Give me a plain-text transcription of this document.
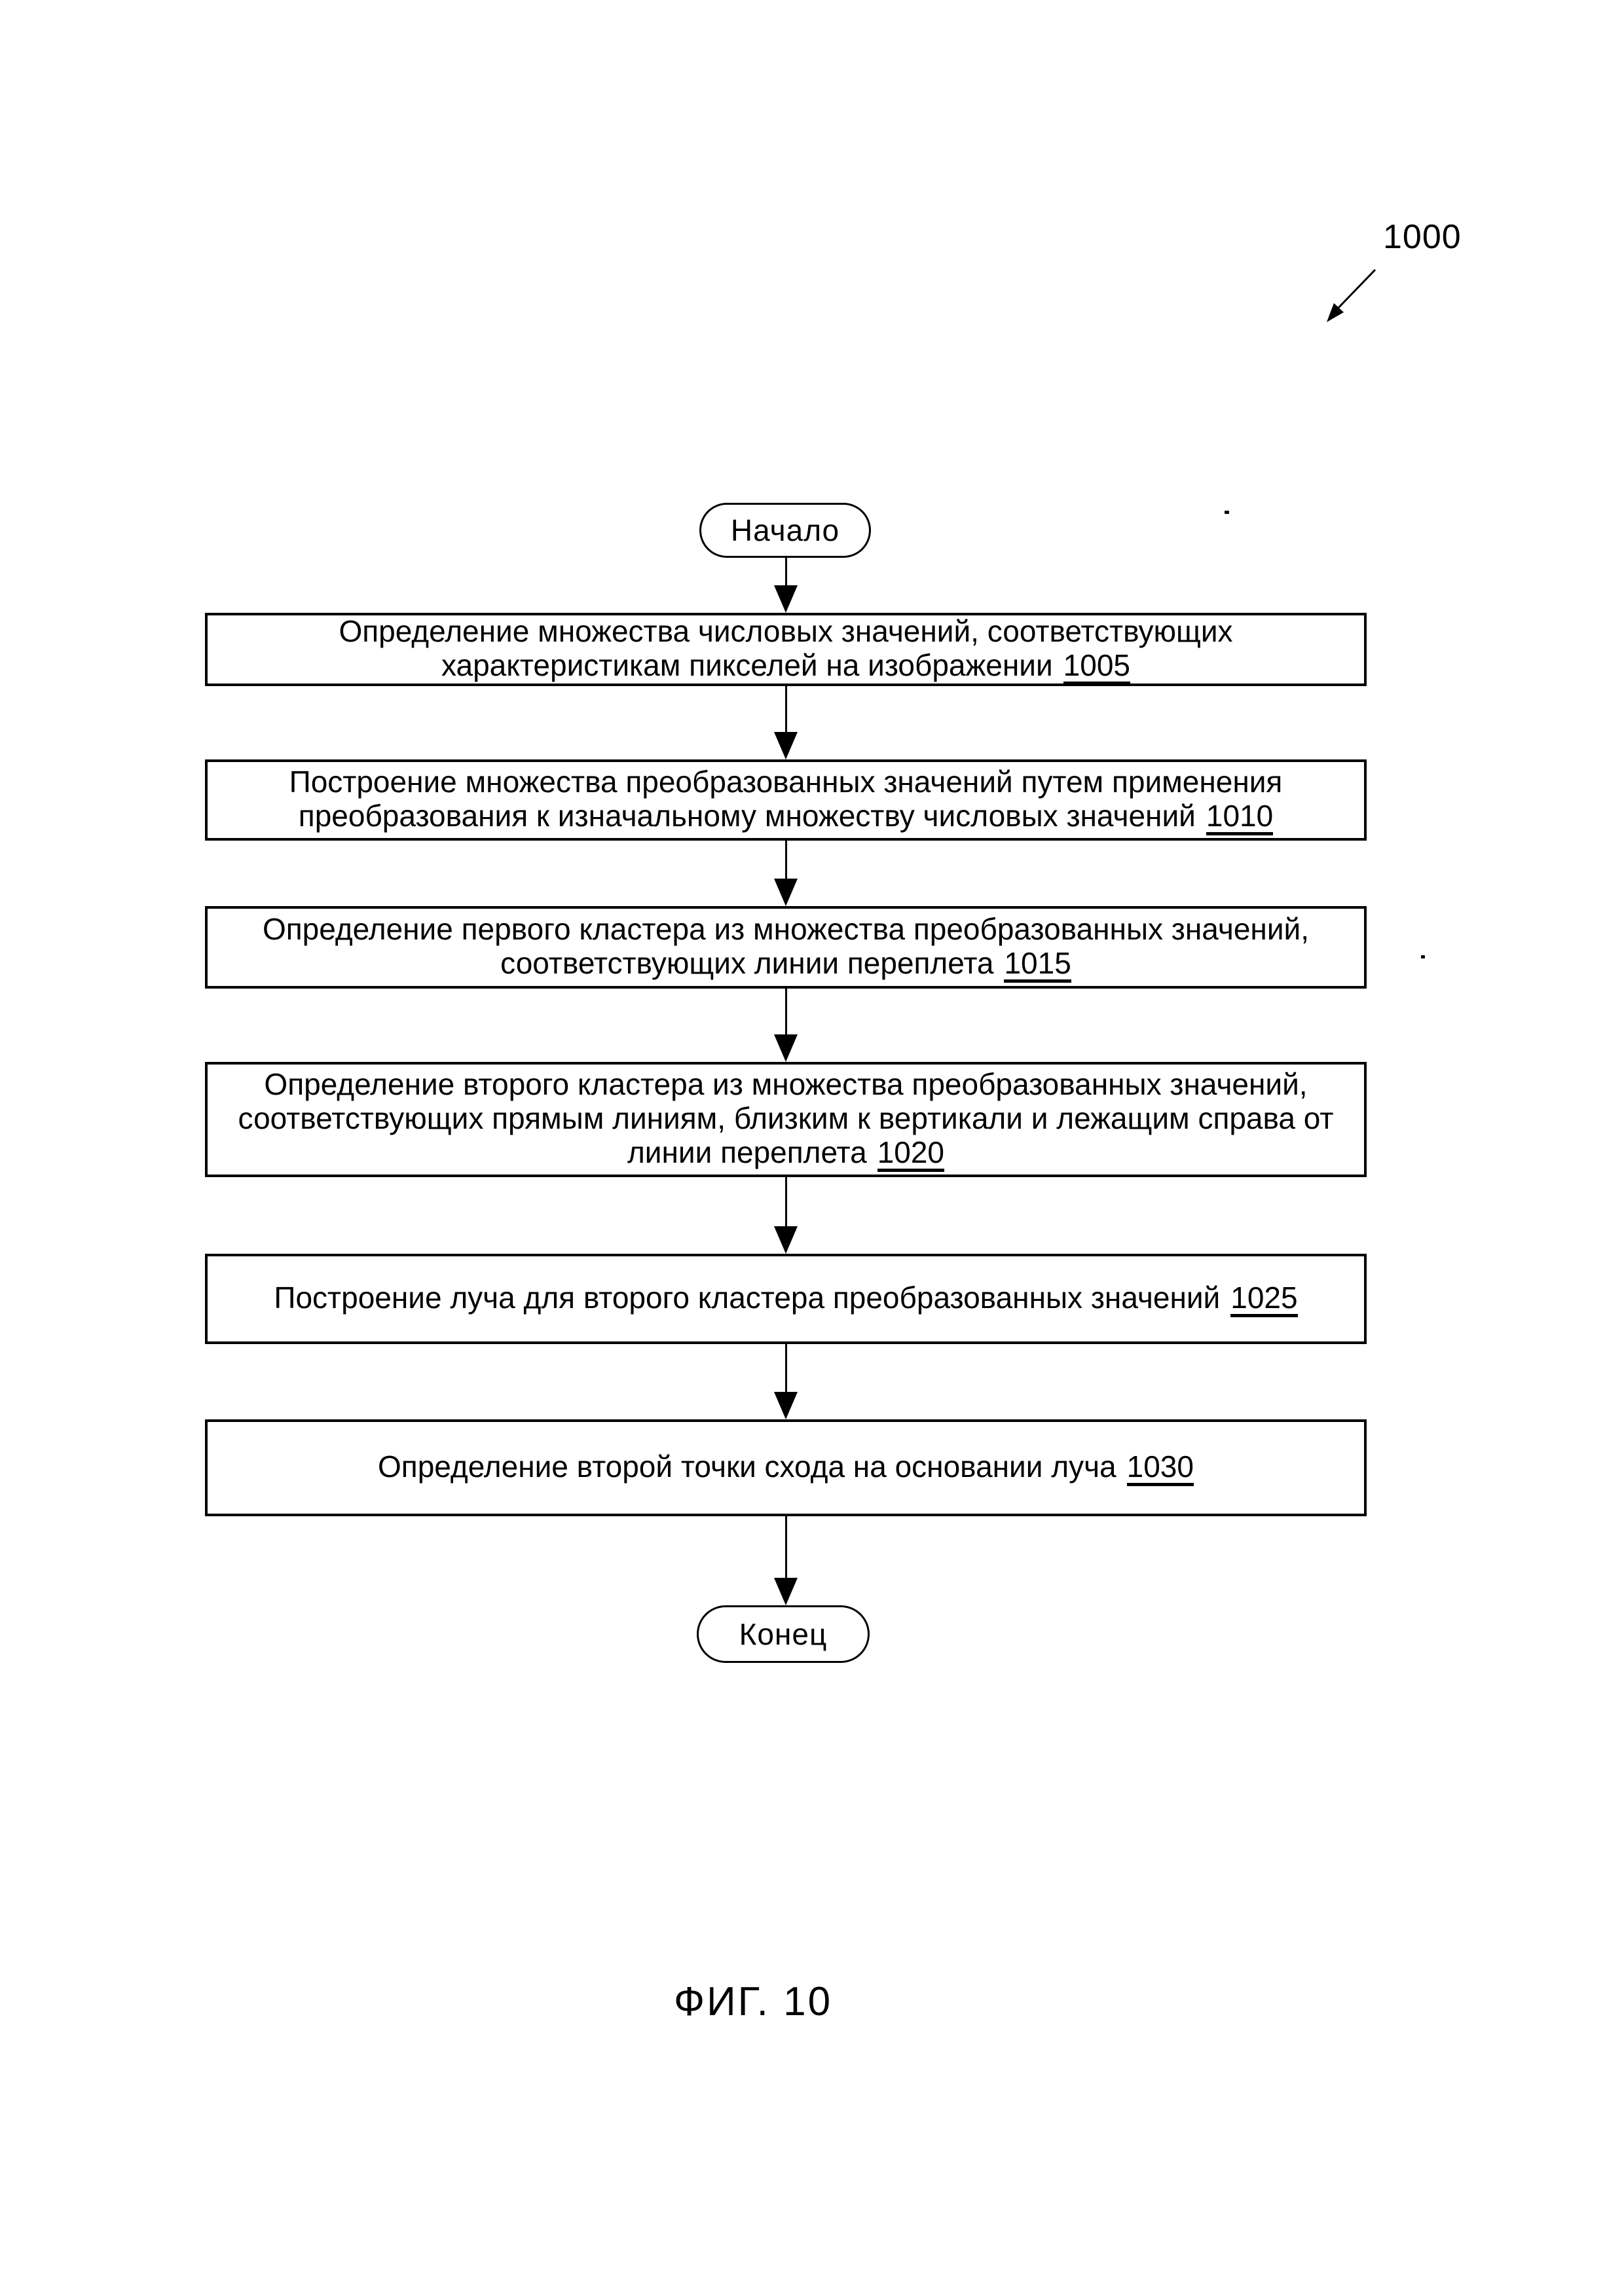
1000
Начало
Определение множества числовых значений, соответствующих
характеристикам пикселей на изображении 1005
Построение множества преобразованных значений путем применения
преобразования к изначальному множеству числовых значений 1010
Определение первого кластера из множества преобразованных значений,
соответствующих линии переплета 1015
Определение второго кластера из множества преобразованных значений,
соответствующих прямым линиям, близким к вертикали и лежащим справа от
линии переплета 1020
Построение луча для второго кластера преобразованных значений 1025
Определение второй точки схода на основании луча 1030
Конец
ФИГ. 10
